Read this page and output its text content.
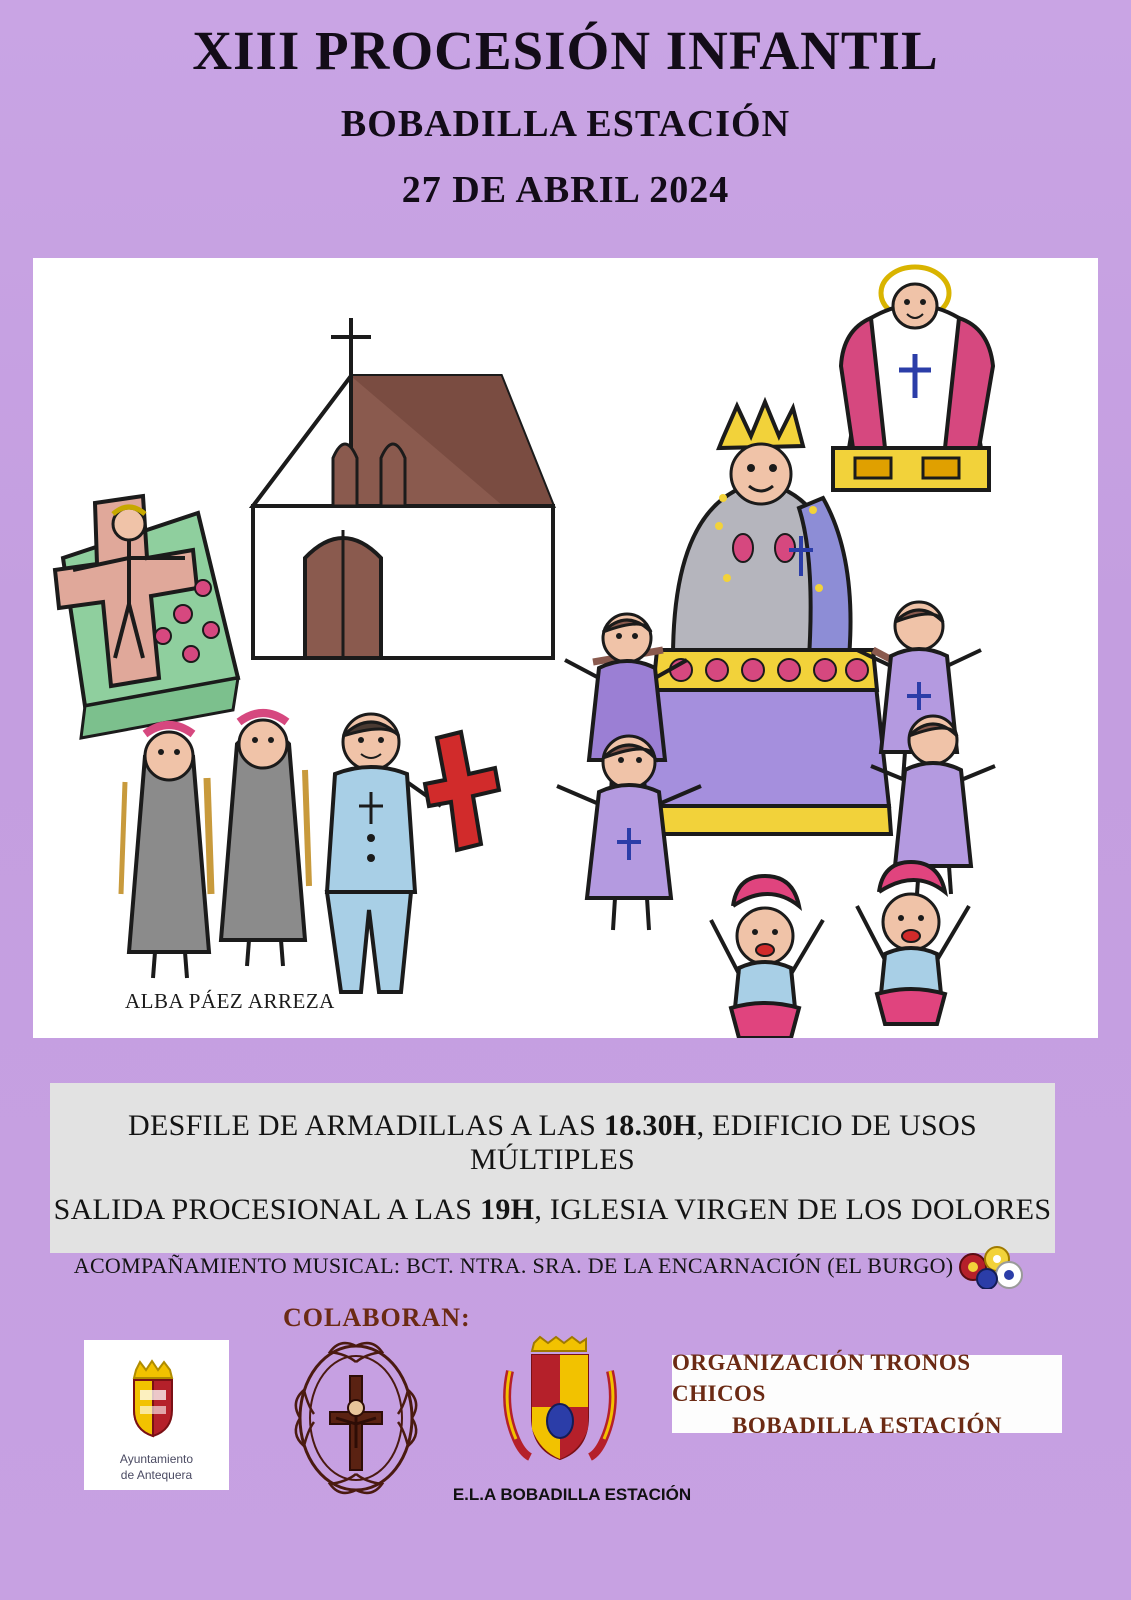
XIII PROCESIÓN INFANTIL
BOBADILLA ESTACIÓN
27 DE ABRIL 2024
ALBA PÁEZ ARREZA
DESFILE DE ARMADILLAS A LAS 18.30H, EDIFICIO DE USOS MÚLTIPLES
SALIDA PROCESIONAL A LAS 19H, IGLESIA VIRGEN DE LOS DOLORES
ACOMPAÑAMIENTO MUSICAL: BCT. NTRA. SRA. DE LA ENCARNACIÓN (EL BURGO)
COLABORAN:
Ayuntamiento
de Antequera
E.L.A BOBADILLA ESTACIÓN
ORGANIZACIÓN TRONOS CHICOS
BOBADILLA ESTACIÓN
